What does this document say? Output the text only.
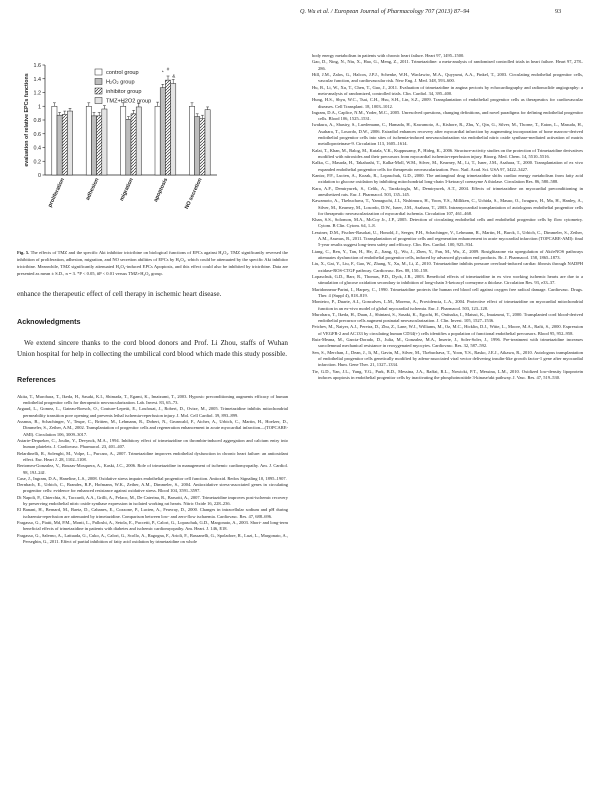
Q. Wu et al. / European Journal of Pharmacology 707 (2013) 87–94	93
0
0.2
0.4
0.6
0.8
1
1.2
1.4
1.6
evaluation of relative EPCs functions
proliferation	adhesion	migration	apoptosis	NO secretion
*
#
&
control group
H₂O₂ group
inhibitor group
TMZ+H2O2 group

Fig. 5. The effects of TMZ and the specific Akt inhibitor triciribine on biological functions of EPCs against H₂O₂. TMZ significantly reversed the inhibition of proliferation, adhesion, migration, and NO secretion abilities of EPCs by H₂O₂, which could be attenuated by the specific Akt inhibitor triciribine. Meanwhile, TMZ significantly attenuated H₂O₂-induced EPCs Apoptosis, and this effect could also be inhibited by triciribine. Data are presented as mean ± S.D., n = 3. *P < 0.05, #P < 0.01 versus TMZ+H₂O₂ group.

enhance the therapeutic effect of cell therapy in ischemic heart disease.

Acknowledgments

We extend sincere thanks to the cord blood donors and Prof. Li Zhou, staffs of Wuhan Union hospital for help in collecting the umbilical cord blood which made this study possible.

References

Akita, T., Murohara, T., Ikeda, H., Sasaki, K.I., Shimada, T., Egami, K., Imaizumi, T., 2003. Hypoxic preconditioning augments efficacy of human endothelial progenitor cells for therapeutic neovascularization. Lab. Invest. 83, 65–73.

Argaud, L., Gomez, L., Gateau-Roesch, O., Couture-Lepetit, E., Loufouat, J., Robert, D., Ovize, M., 2005. Trimetazidine inhibits mitochondrial permeability transition pore opening and prevents lethal ischemia-reperfusion injury. J. Mol. Cell Cardiol. 39, 893–899.

Assmus, B., Schachinger, V., Teupe, C., Britten, M., Lehmann, R., Dobert, N., Grunwald, F., Aicher, A., Urbich, C., Martin, H., Hoelzer, D., Dimmeler, S., Zeiher, A.M., 2002. Transplantation of progenitor cells and regeneration enhancement in acute myocardial infarction—(TOPCARE-AMI). Circulation 106, 3009–3017.

Astarie-Dequeker, C., Joulin, Y., Devynck, M.A., 1994. Inhibitory effect of trimetazidine on thrombin-induced aggregation and calcium entry into human platelets. J. Cardiovasc. Pharmacol. 23, 401–407.

Belardinelli, R., Solenghi, M., Volpe, L., Purcaro, A., 2007. Trimetazidine improves endothelial dysfunction in chronic heart failure: an antioxidant effect. Eur. Heart J. 28, 1102–1108.

Bertomeu-Gonzalez, V., Bouzas-Mosquera, A., Kaski, J.C., 2006. Role of trimetazidine in management of ischemic cardiomyopathy. Am. J. Cardiol. 98, 19J–24J.

Case, J., Ingram, D.A., Haneline, L.S., 2008. Oxidative stress impairs endothelial progenitor cell function. Antioxid. Redox Signaling 10, 1895–1907.

Dernbach, E., Urbich, C., Brandes, R.P., Hofmann, W.K., Zeiher, A.M., Dimmeler, S., 2004. Antioxidative stress-associated genes in circulating progenitor cells: evidence for enhanced resistance against oxidative stress. Blood 104, 3591–3597.

Di Napoli, P., Chierchia, S., Taccardi, A.A., Grilli, A., Felaco, M., De Caterina, R., Barsotti, A., 2007. Trimetazidine improves post-ischemic recovery by preserving endothelial nitric oxide synthase expression in isolated working rat hearts. Nitric Oxide 16, 228–236.

El Banani, H., Bernard, M., Baetz, D., Cabanes, E., Cozzone, P., Lucien, A., Feuvray, D., 2000. Changes in intracellular sodium and pH during ischaemia-reperfusion are attenuated by trimetazidine. Comparison between low- and zero-flow ischaemia. Cardiovasc. Res. 47, 688–696.

Fragasso, G., Piatti, Md, P.M., Monti, L., Palloshi, A., Setola, E., Puccetti, P., Calori, G., Lopaschuk, G.D., Margonato, A., 2003. Short- and long-term beneficial effects of trimetazidine in patients with diabetes and ischemic cardiomyopathy. Am. Heart. J. 146, E18.

Fragasso, G., Salerno, A., Lattuada, G., Cuko, A., Calori, G., Scollo, A., Ragogna, F., Arioli, F., Bassanelli, G., Spoladore, R., Luzi, L., Margonato, A., Perseghin, G., 2011. Effect of partial inhibition of fatty acid oxidation by trimetazidine on whole

body energy metabolism in patients with chronic heart failure. Heart 97, 1495–1500.

Gao, D., Ning, N., Niu, X., Hao, G., Meng, Z., 2011. Trimetazidine: a meta-analysis of randomised controlled trials in heart failure. Heart 97, 278–286.

Hill, J.M., Zalos, G., Halcox, J.P.J., Schenke, W.H., Waclawiw, M.A., Quyyumi, A.A., Finkel, T., 2003. Circulating endothelial progenitor cells, vascular function, and cardiovascular risk. New Eng. J. Med. 348, 593–600.

Hu, B., Li, W., Xu, T., Chen, T., Guo, J., 2011. Evaluation of trimetazidine in angina pectoris by echocardiography and radionuclide angiography: a meta-analysis of randomized, controlled trials. Clin. Cardiol. 34, 395–400.

Hung, H.S., Shyu, W.C., Tsai, C.H., Hsu, S.H., Lin, S.Z., 2009. Transplantation of endothelial progenitor cells as therapeutics for cardiovascular diseases. Cell Transplant. 18, 1003–1012.

Ingram, D.A., Caplice, N.M., Yoder, M.C., 2005. Unresolved questions, changing definitions, and novel paradigms for defining endothelial progenitor cells. Blood 106, 1525–1531.

Iwakura, A., Shastry, S., Luedemann, C., Hamada, H., Kawamoto, A., Kishore, R., Zhu, Y., Qin, G., Silver, M., Thorne, T., Eaton, L., Masuda, H., Asahara, T., Losordo, D.W., 2006. Estradiol enhances recovery after myocardial infarction by augmenting incorporation of bone marrow-derived endothelial progenitor cells into sites of ischemia-induced neovascularization via endothelial nitric oxide synthase-mediated activation of matrix metalloproteinase-9. Circulation 113, 1605–1614.

Kalai, T., Khan, M., Balog, M., Kutala, V.K., Kuppusamy, P., Hideg, K., 2006. Structure-activity studies on the protection of Trimetazidine derivatives modified with nitroxides and their precursors from myocardial ischemia-reperfusion injury. Bioorg. Med. Chem. 14, 5510–5516.

Kalka, C., Masuda, H., Takahashi, T., Kalka-Moll, W.M., Silver, M., Kearney, M., Li, T., Isner, J.M., Asahara, T., 2000. Transplantation of ex vivo expanded endothelial progenitor cells for therapeutic neovascularization. Proc. Natl. Acad. Sci. USA 97, 3422–3427.

Kantor, P.F., Lucien, A., Kozak, R., Lopaschuk, G.D., 2000. The antianginal drug trimetazidine shifts cardiac energy metabolism from fatty acid oxidation to glucose oxidation by inhibiting mitochondrial long-chain 3-ketoacyl coenzyme A thiolase. Circulation Res. 86, 580–588.

Kara, A.F., Demiryurek, S., Celik, A., Tarakcioglu, M., Demiryurek, A.T., 2004. Effects of trimetazidine on myocardial preconditioning in anesthetized rats. Eur. J. Pharmacol. 503, 135–145.

Kawamoto, A., Tkebuchava, T., Yamaguchi, J.I., Nishimura, H., Yoon, Y.S., Milliken, C., Uchida, S., Masuo, O., Iwaguro, H., Ma, H., Hanley, A., Silver, M., Kearney, M., Losordo, D.W., Isner, J.M., Asahara, T., 2003. Intramyocardial transplantation of autologous endothelial progenitor cells for therapeutic neovascularization of myocardial ischemia. Circulation 107, 461–468.

Khan, S.S., Solomon, M.A., McCoy Jr., J.P., 2005. Detection of circulating endothelial cells and endothelial progenitor cells by flow cytometry. Cytom. B Clin. Cytom. 64, 1–8.

Lesstner, D.M., Fischer-Rasokat, U., Honold, J., Seeger, F.H., Schachinger, V., Lehmann, R., Martin, H., Burck, I., Urbich, C., Dimmeler, S., Zeiher, A.M., Assmus, B., 2011. Transplantation of progenitor cells and regeneration enhancement in acute myocardial infarction (TOPCARE-AMI): final 5-year results suggest long-term safety and efficacy. Clin. Res. Cardiol. 100, 925–934.

Liang, C., Ren, Y., Tan, H., He, Z., Jiang, Q., Wu, J., Zhen, Y., Fan, M., Wu, Z., 2009. Rosiglitazone via upregulation of Akt/eNOS pathways attenuates dysfunction of endothelial progenitor cells, induced by advanced glycation end products. Br. J. Pharmacol. 158, 1865–1873.

Liu, X., Gai, Y., Liu, F., Gao, W., Zhang, Y., Xu, M., Li, Z., 2010. Trimetazidine inhibits pressure overload-induced cardiac fibrosis through NADPH oxidase-ROS-CTGF pathway. Cardiovasc. Res. 88, 150–158.

Lopaschuk, G.D., Barr, R., Thomas, P.D., Dyck, J.R., 2003. Beneficial effects of trimetazidine in ex vivo working ischemic hearts are due to a stimulation of glucose oxidation secondary to inhibition of long-chain 3-ketoacyl coenzyme a thiolase. Circulation Res. 93, e33–37.

Maridonneau-Parini, I., Harpey, C., 1990. Trimetazidine protects the human red blood cell against oxygen free radical damage. Cardiovasc. Drugs. Ther. 4 (Suppl 4), 818–819.

Monteiro, P., Duarte, A.I., Goncalves, L.M., Moreno, A., Providencia, L.A., 2004. Protective effect of trimetazidine on myocardial mitochondrial function in an ex-vivo model of global myocardial ischemia. Eur. J. Pharmacol. 503, 123–128.

Murohara, T., Ikeda, H., Duan, J., Shintani, S., Sasaki, K., Eguchi, H., Onitsuka, I., Matsui, K., Imaizumi, T., 2000. Transplanted cord blood-derived endothelial precursor cells augment postnatal neovascularization. J. Clin. Invest. 105, 1527–1536.

Peichev, M., Naiyer, A.J., Pereira, D., Zhu, Z., Lane, W.J., Williams, M., Oz, M.C., Hicklin, D.J., Witte, L., Moore, M.A., Rafii, S., 2000. Expression of VEGFR-2 and AC133 by circulating human CD34(+) cells identifies a population of functional endothelial precursors. Blood 95, 952–958.

Ruiz-Meana, M., Garcia-Dorado, D., Julia, M., Gonzalez, M.A., Inserte, J., Soler-Soler, J., 1996. Pre-treatment with trimetazidine increases sarcolemmal mechanical resistance in reoxygenated myocytes. Cardiovasc. Res. 32, 587–592.

Sen, S., Merchan, J., Dean, J., Ii, M., Gavin, M., Silver, M., Tkebuchava, T., Yoon, Y.S., Rasko, J.E.J., Aikawa, R., 2010. Autologous transplantation of endothelial progenitor cells genetically modified by adeno-associated viral vector delivering insulin-like growth factor-1 gene after myocardial infarction. Hum. Gene Ther. 21, 1327–1334.

Tie, G.D., Yan, J.L., Yang, Y.G., Park, B.D., Messina, J.A., Raffai, R.L., Nowicki, P.T., Messina, L.M., 2010. Oxidized low-density lipoprotein induces apoptosis in endothelial progenitor cells by inactivating the phosphoinositide 3-kinase/akt pathway. J. Vasc. Res. 47, 519–530.
